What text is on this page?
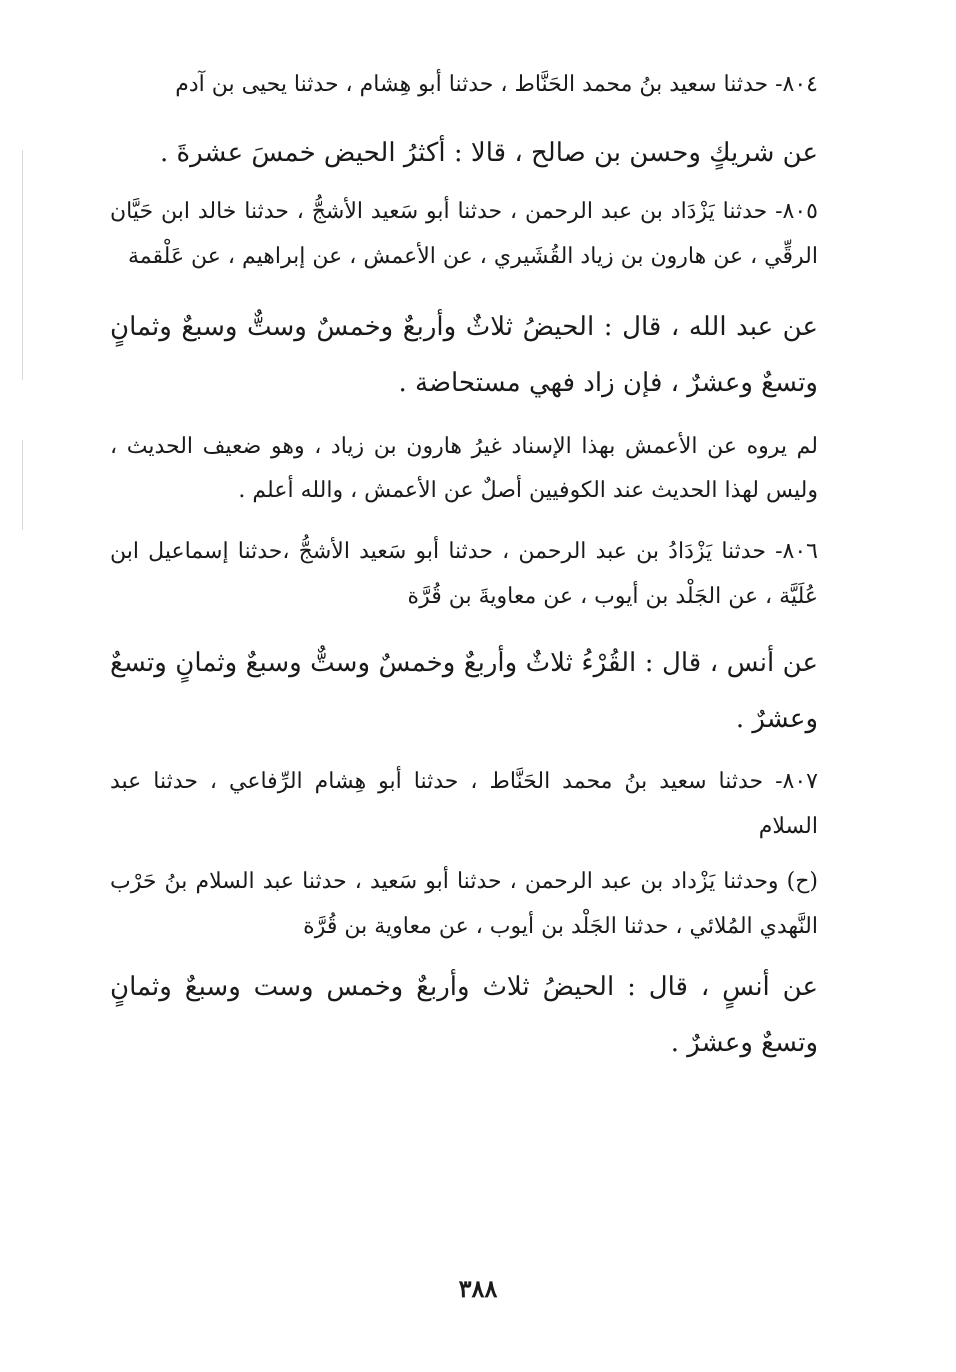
٨٠٤- حدثنا سعيد بنُ محمد الحَنَّاط ، حدثنا أبو هِشام ، حدثنا يحيى بن آدم

عن شريكٍ وحسن بن صالح ، قالا : أكثرُ الحيض خمسَ عشرةَ .

٨٠٥- حدثنا يَزْدَاد بن عبد الرحمن ، حدثنا أبو سَعيد الأشجُّ ، حدثنا خالد ابن حَيَّان الرقِّي ، عن هارون بن زياد القُشَيري ، عن الأعمش ، عن إبراهيم ، عن عَلْقمة

عن عبد الله ، قال : الحيضُ ثلاثٌ وأربعٌ وخمسٌ وستٌّ وسبعٌ وثمانٍ وتسعٌ وعشرٌ ، فإن زاد فهي مستحاضة .

لم يروه عن الأعمش بهذا الإسناد غيرُ هارون بن زياد ، وهو ضعيف الحديث ، وليس لهذا الحديث عند الكوفيين أصلٌ عن الأعمش ، والله أعلم .

٨٠٦- حدثنا يَزْدَادُ بن عبد الرحمن ، حدثنا أبو سَعيد الأشجُّ ،حدثنا إسماعيل ابن عُلَيَّة ، عن الجَلْد بن أيوب ، عن معاويةَ بن قُرَّة

عن أنس ، قال : القُرْءُ ثلاثٌ وأربعٌ وخمسٌ وستٌّ وسبعٌ وثمانٍ وتسعٌ وعشرٌ .

٨٠٧- حدثنا سعيد بنُ محمد الحَنَّاط ، حدثنا أبو هِشام الرِّفاعي ، حدثنا عبد السلام

(ح) وحدثنا يَزْداد بن عبد الرحمن ، حدثنا أبو سَعيد ، حدثنا عبد السلام بنُ حَرْب النَّهدي المُلائي ، حدثنا الجَلْد بن أيوب ، عن معاوية بن قُرَّة

عن أنسٍ ، قال : الحيضُ ثلاث وأربعٌ وخمس وست وسبعٌ وثمانٍ وتسعٌ وعشرٌ .

٣٨٨
